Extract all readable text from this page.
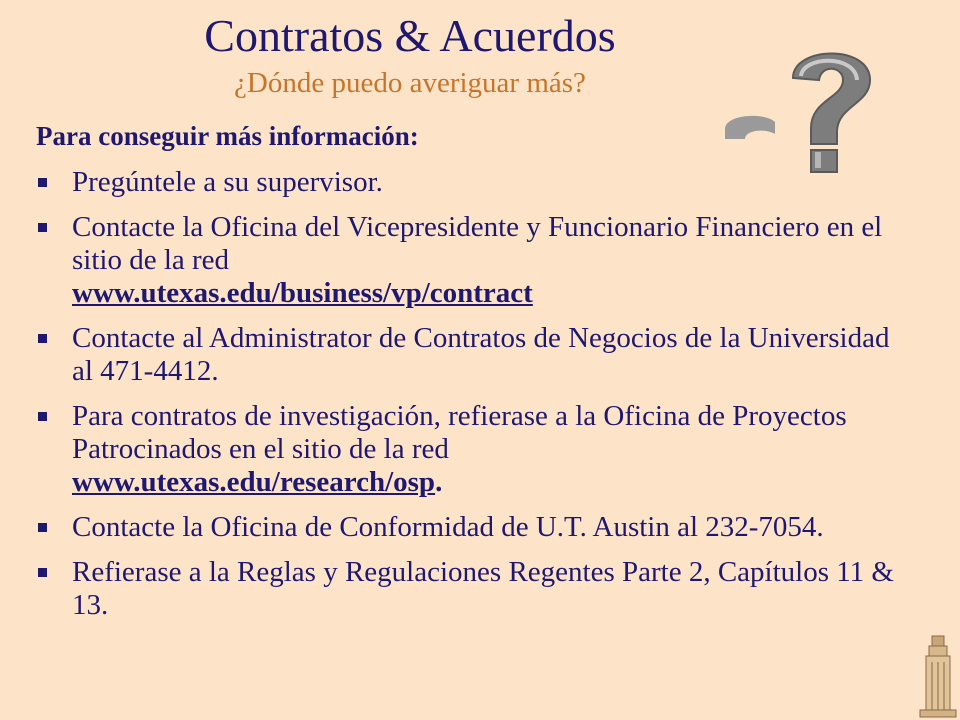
Contratos & Acuerdos
¿Dónde puedo averiguar más?
Para conseguir más información:
Pregúntele a su supervisor.
Contacte la Oficina del Vicepresidente y Funcionario Financiero en el sitio de la red
www.utexas.edu/business/vp/contract
Contacte al Administrator de Contratos de Negocios de la Universidad al 471-4412.
Para contratos de investigación, refierase a la Oficina de Proyectos Patrocinados en el sitio de la red
www.utexas.edu/research/osp.
Contacte la Oficina de Conformidad de U.T. Austin al 232-7054.
Refierase a la Reglas y Regulaciones Regentes Parte 2, Capítulos 11 & 13.
